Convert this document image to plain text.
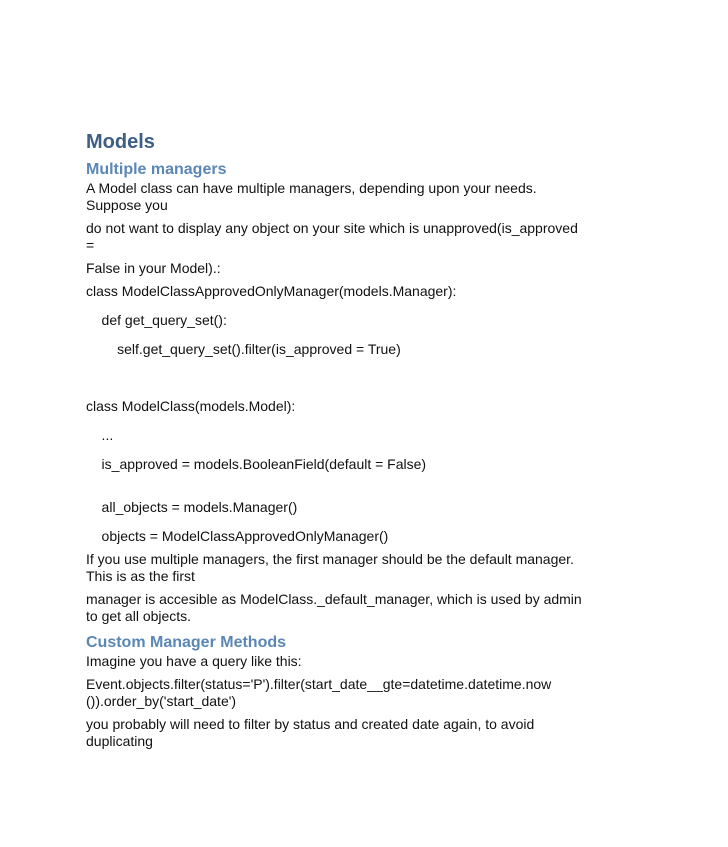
Models
Multiple managers
A Model class can have multiple managers, depending upon your needs.
Suppose you
do not want to display any object on your site which is unapproved(is_approved
=
False in your Model).:
class ModelClassApprovedOnlyManager(models.Manager):
def get_query_set():
self.get_query_set().filter(is_approved = True)
class ModelClass(models.Model):
...
is_approved = models.BooleanField(default = False)
all_objects = models.Manager()
objects = ModelClassApprovedOnlyManager()
If you use multiple managers, the first manager should be the default manager.
This is as the first
manager is accesible as ModelClass._default_manager, which is used by admin
to get all objects.
Custom Manager Methods
Imagine you have a query like this:
Event.objects.filter(status='P').filter(start_date__gte=datetime.datetime.now
()).order_by('start_date')
you probably will need to filter by status and created date again, to avoid
duplicating
